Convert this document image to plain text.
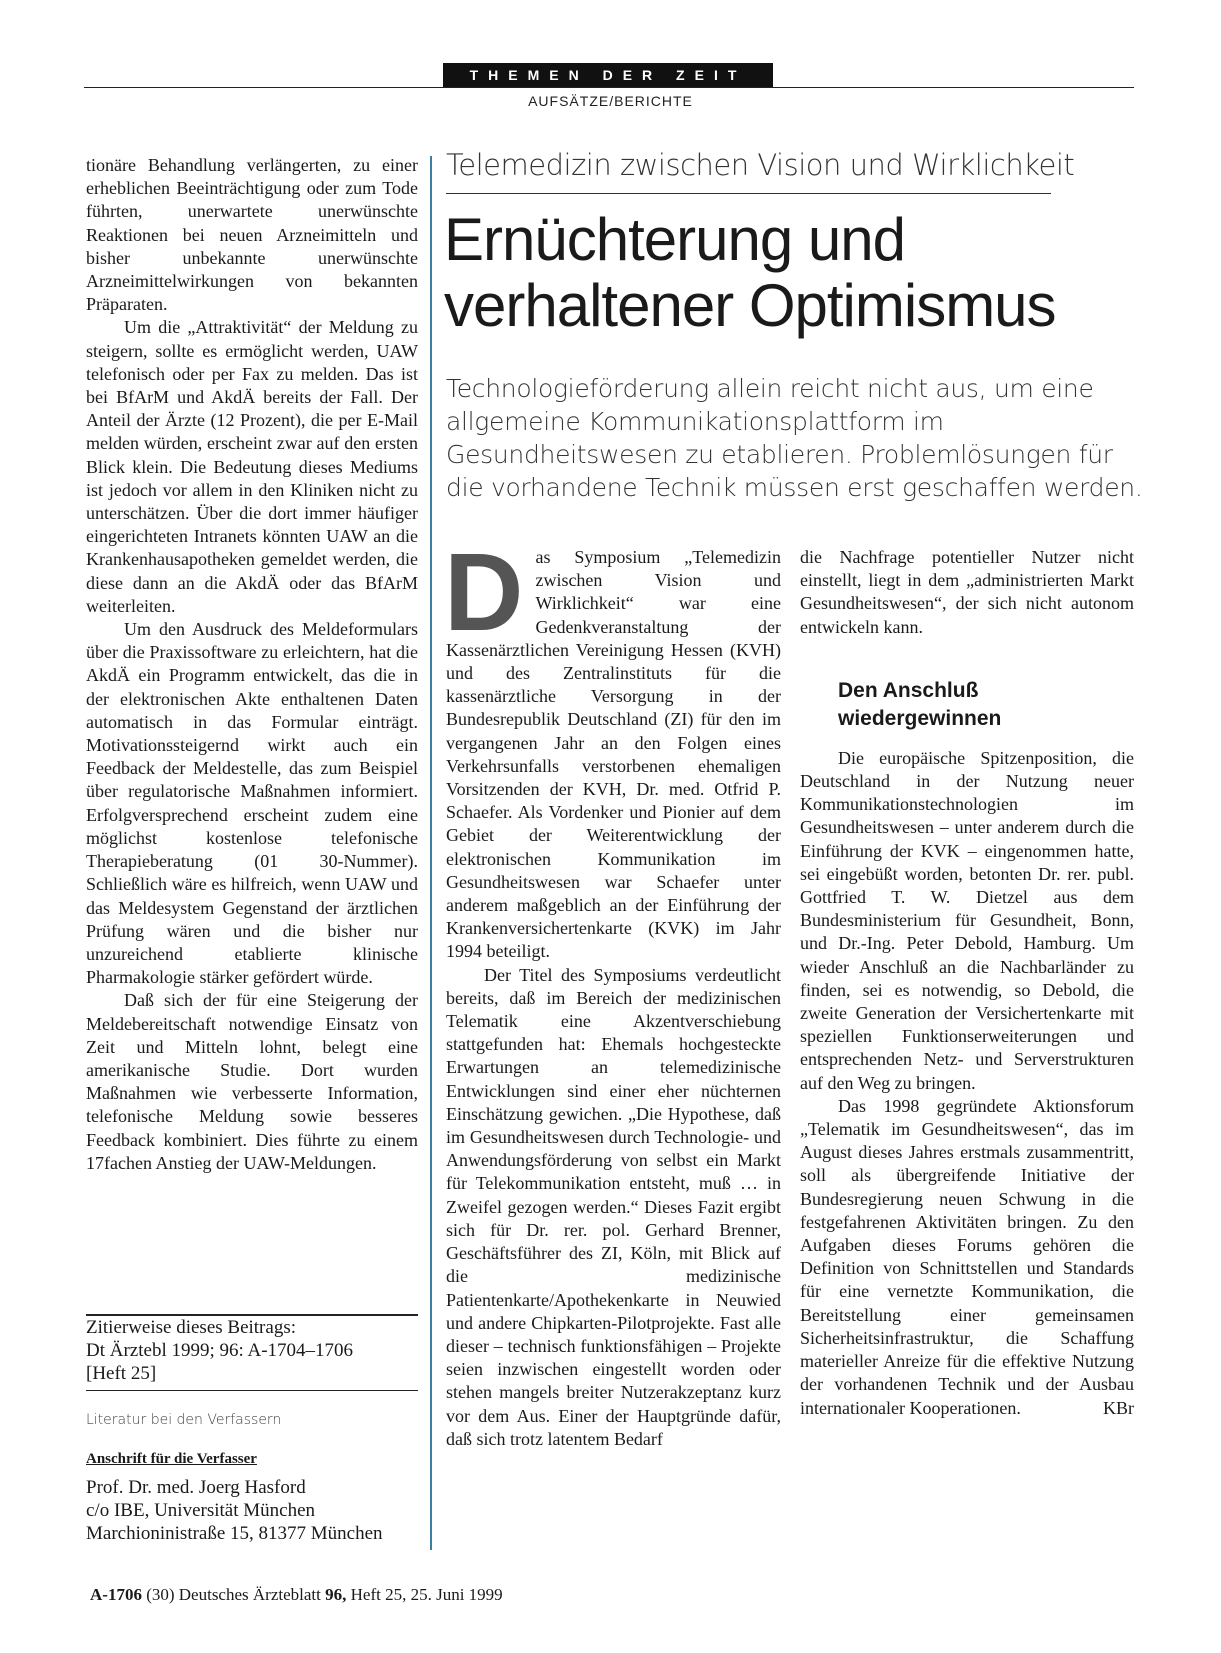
THEMEN DER ZEIT
AUFSÄTZE/BERICHTE

tionäre Behandlung verlängerten, zu einer erheblichen Beeinträchtigung oder zum Tode führten, unerwartete unerwünschte Reaktionen bei neuen Arzneimitteln und bisher unbekannte unerwünschte Arzneimittelwirkungen von bekannten Präparaten.

Um die „Attraktivität“ der Meldung zu steigern, sollte es ermöglicht werden, UAW telefonisch oder per Fax zu melden. Das ist bei BfArM und AkdÄ bereits der Fall. Der Anteil der Ärzte (12 Prozent), die per E-Mail melden würden, erscheint zwar auf den ersten Blick klein. Die Bedeutung dieses Mediums ist jedoch vor allem in den Kliniken nicht zu unterschätzen. Über die dort immer häufiger eingerichteten Intranets könnten UAW an die Krankenhausapotheken gemeldet werden, die diese dann an die AkdÄ oder das BfArM weiterleiten.

Um den Ausdruck des Meldeformulars über die Praxissoftware zu erleichtern, hat die AkdÄ ein Programm entwickelt, das die in der elektronischen Akte enthaltenen Daten automatisch in das Formular einträgt. Motivationssteigernd wirkt auch ein Feedback der Meldestelle, das zum Beispiel über regulatorische Maßnahmen informiert. Erfolgversprechend erscheint zudem eine möglichst kostenlose telefonische Therapieberatung (01 30-Nummer). Schließlich wäre es hilfreich, wenn UAW und das Meldesystem Gegenstand der ärztlichen Prüfung wären und die bisher nur unzureichend etablierte klinische Pharmakologie stärker gefördert würde.

Daß sich der für eine Steigerung der Meldebereitschaft notwendige Einsatz von Zeit und Mitteln lohnt, belegt eine amerikanische Studie. Dort wurden Maßnahmen wie verbesserte Information, telefonische Meldung sowie besseres Feedback kombiniert. Dies führte zu einem 17fachen Anstieg der UAW-Meldungen.

Zitierweise dieses Beitrags:
Dt Ärztebl 1999; 96: A-1704–1706
[Heft 25]
Literatur bei den Verfassern
Anschrift für die Verfasser
Prof. Dr. med. Joerg Hasford
c/o IBE, Universität München
Marchioninistraße 15, 81377 München
Telemedizin zwischen Vision und Wirklichkeit
Ernüchterung und
verhaltener Optimismus
Technologieförderung allein reicht nicht aus, um eine allgemeine Kommunikationsplattform im Gesundheitswesen zu etablieren. Problemlösungen für die vorhandene Technik müssen erst geschaffen werden.

Das Symposium „Telemedizin zwischen Vision und Wirklichkeit“ war eine Gedenkveranstaltung der Kassenärztlichen Vereinigung Hessen (KVH) und des Zentralinstituts für die kassenärztliche Versorgung in der Bundesrepublik Deutschland (ZI) für den im vergangenen Jahr an den Folgen eines Verkehrsunfalls verstorbenen ehemaligen Vorsitzenden der KVH, Dr. med. Otfrid P. Schaefer. Als Vordenker und Pionier auf dem Gebiet der Weiterentwicklung der elektronischen Kommunikation im Gesundheitswesen war Schaefer unter anderem maßgeblich an der Einführung der Krankenversichertenkarte (KVK) im Jahr 1994 beteiligt.

Der Titel des Symposiums verdeutlicht bereits, daß im Bereich der medizinischen Telematik eine Akzentverschiebung stattgefunden hat: Ehemals hochgesteckte Erwartungen an telemedizinische Entwicklungen sind einer eher nüchternen Einschätzung gewichen. „Die Hypothese, daß im Gesundheitswesen durch Technologie- und Anwendungsförderung von selbst ein Markt für Telekommunikation entsteht, muß … in Zweifel gezogen werden.“ Dieses Fazit ergibt sich für Dr. rer. pol. Gerhard Brenner, Geschäftsführer des ZI, Köln, mit Blick auf die medizinische Patientenkarte/Apothekenkarte in Neuwied und andere Chipkarten-Pilotprojekte. Fast alle dieser – technisch funktionsfähigen – Projekte seien inzwischen eingestellt worden oder stehen mangels breiter Nutzerakzeptanz kurz vor dem Aus. Einer der Hauptgründe dafür, daß sich trotz latentem Bedarf

die Nachfrage potentieller Nutzer nicht einstellt, liegt in dem „administrierten Markt Gesundheitswesen“, der sich nicht autonom entwickeln kann.

Den Anschluß
wiedergewinnen

Die europäische Spitzenposition, die Deutschland in der Nutzung neuer Kommunikationstechnologien im Gesundheitswesen – unter anderem durch die Einführung der KVK – eingenommen hatte, sei eingebüßt worden, betonten Dr. rer. publ. Gottfried T. W. Dietzel aus dem Bundesministerium für Gesundheit, Bonn, und Dr.-Ing. Peter Debold, Hamburg. Um wieder Anschluß an die Nachbarländer zu finden, sei es notwendig, so Debold, die zweite Generation der Versichertenkarte mit speziellen Funktionserweiterungen und entsprechenden Netz- und Serverstrukturen auf den Weg zu bringen.

Das 1998 gegründete Aktionsforum „Telematik im Gesundheitswesen“, das im August dieses Jahres erstmals zusammentritt, soll als übergreifende Initiative der Bundesregierung neuen Schwung in die festgefahrenen Aktivitäten bringen. Zu den Aufgaben dieses Forums gehören die Definition von Schnittstellen und Standards für eine vernetzte Kommunikation, die Bereitstellung einer gemeinsamen Sicherheitsinfrastruktur, die Schaffung materieller Anreize für die effektive Nutzung der vorhandenen Technik und der Ausbau internationaler Kooperationen.	KBr

A-1706 (30) Deutsches Ärzteblatt 96, Heft 25, 25. Juni 1999
